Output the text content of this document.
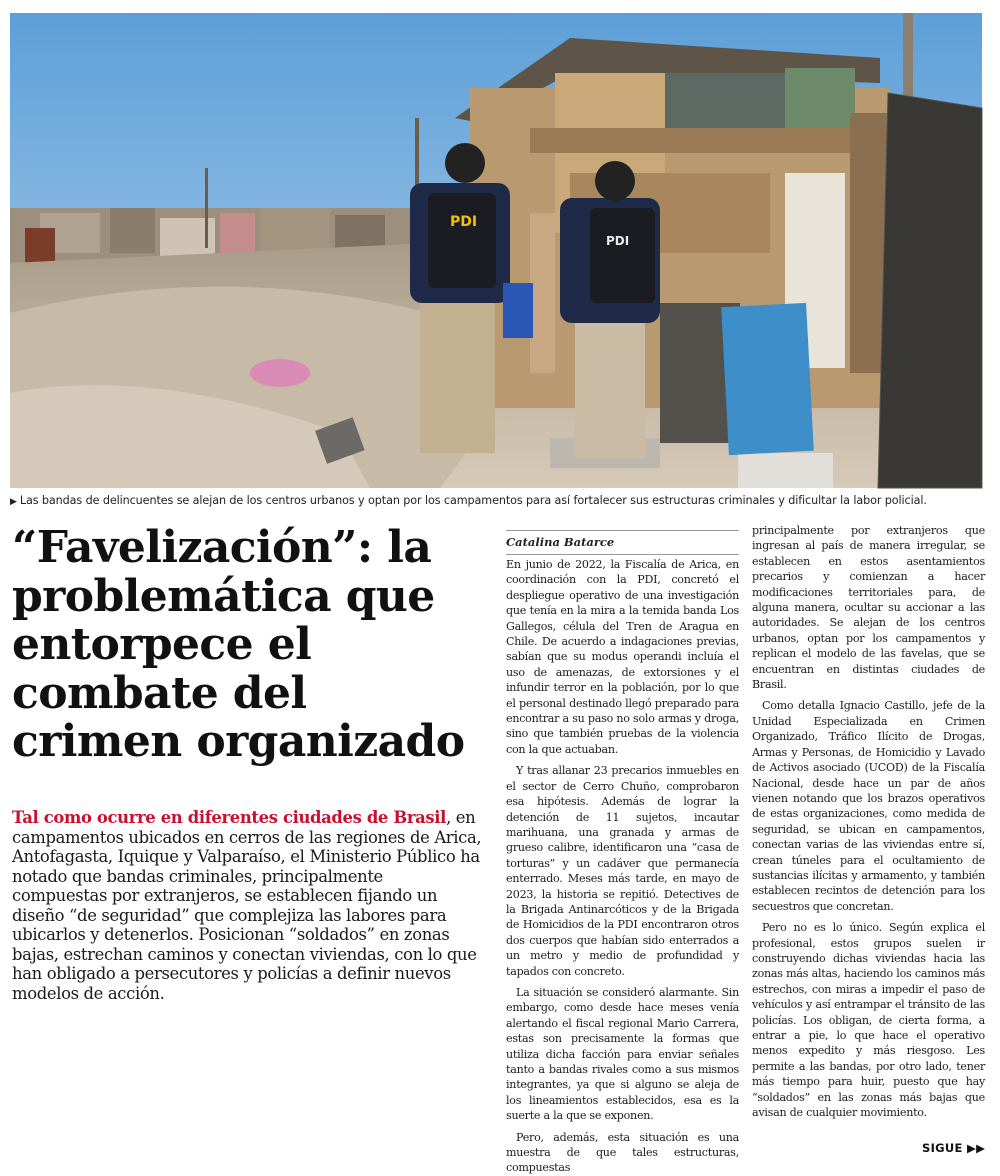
PDI
PDI
▶ Las bandas de delincuentes se alejan de los centros urbanos y optan por los campamentos para así fortalecer sus estructuras criminales y dificultar la labor policial.
“Favelización”: la problemática que entorpece el combate del crimen organizado

Tal como ocurre en diferentes ciudades de Brasil, en campamentos ubicados en cerros de las regiones de Arica, Antofagasta, Iquique y Valparaíso, el Ministerio Público ha notado que bandas criminales, principalmente compuestas por extranjeros, se establecen fijando un diseño “de seguridad” que complejiza las labores para ubicarlos y detenerlos. Posicionan “soldados” en zonas bajas, estrechan caminos y conectan viviendas, con lo que han obligado a persecutores y policías a definir nuevos modelos de acción.

Catalina Batarce

En junio de 2022, la Fiscalía de Arica, en coordinación con la PDI, concretó el despliegue operativo de una investigación que tenía en la mira a la temida banda Los Gallegos, célula del Tren de Aragua en Chile. De acuerdo a indagaciones previas, sabían que su modus operandi incluía el uso de amenazas, de extorsiones y el infundir terror en la población, por lo que el personal destinado llegó preparado para encontrar a su paso no solo armas y droga, sino que también pruebas de la violencia con la que actuaban.

Y tras allanar 23 precarios inmuebles en el sector de Cerro Chuño, comprobaron esa hipótesis. Además de lograr la detención de 11 sujetos, incautar marihuana, una granada y armas de grueso calibre, identificaron una “casa de torturas” y un cadáver que permanecía enterrado. Meses más tarde, en mayo de 2023, la historia se repitió. Detectives de la Brigada Antinarcóticos y de la Brigada de Homicidios de la PDI encontraron otros dos cuerpos que habían sido enterrados a un metro y medio de profundidad y tapados con concreto.

La situación se consideró alarmante. Sin embargo, como desde hace meses venía alertando el fiscal regional Mario Carrera, estas son precisamente la formas que utiliza dicha facción para enviar señales tanto a bandas rivales como a sus mismos integrantes, ya que si alguno se aleja de los lineamientos establecidos, esa es la suerte a la que se exponen.

Pero, además, esta situación es una muestra de que tales estructuras, compuestas

principalmente por extranjeros que ingresan al país de manera irregular, se establecen en estos asentamientos precarios y comienzan a hacer modificaciones territoriales para, de alguna manera, ocultar su accionar a las autoridades. Se alejan de los centros urbanos, optan por los campamentos y replican el modelo de las favelas, que se encuentran en distintas ciudades de Brasil.

Como detalla Ignacio Castillo, jefe de la Unidad Especializada en Crimen Organizado, Tráfico Ilícito de Drogas, Armas y Personas, de Homicidio y Lavado de Activos asociado (UCOD) de la Fiscalía Nacional, desde hace un par de años vienen notando que los brazos operativos de estas organizaciones, como medida de seguridad, se ubican en campamentos, conectan varias de las viviendas entre sí, crean túneles para el ocultamiento de sustancias ilícitas y armamento, y también establecen recintos de detención para los secuestros que concretan.

Pero no es lo único. Según explica el profesional, estos grupos suelen ir construyendo dichas viviendas hacia las zonas más altas, haciendo los caminos más estrechos, con miras a impedir el paso de vehículos y así entrampar el tránsito de las policías. Los obligan, de cierta forma, a entrar a pie, lo que hace el operativo menos expedito y más riesgoso. Les permite a las bandas, por otro lado, tener más tiempo para huir, puesto que hay “soldados” en las zonas más bajas que avisan de cualquier movimiento.

SIGUE ▶▶
